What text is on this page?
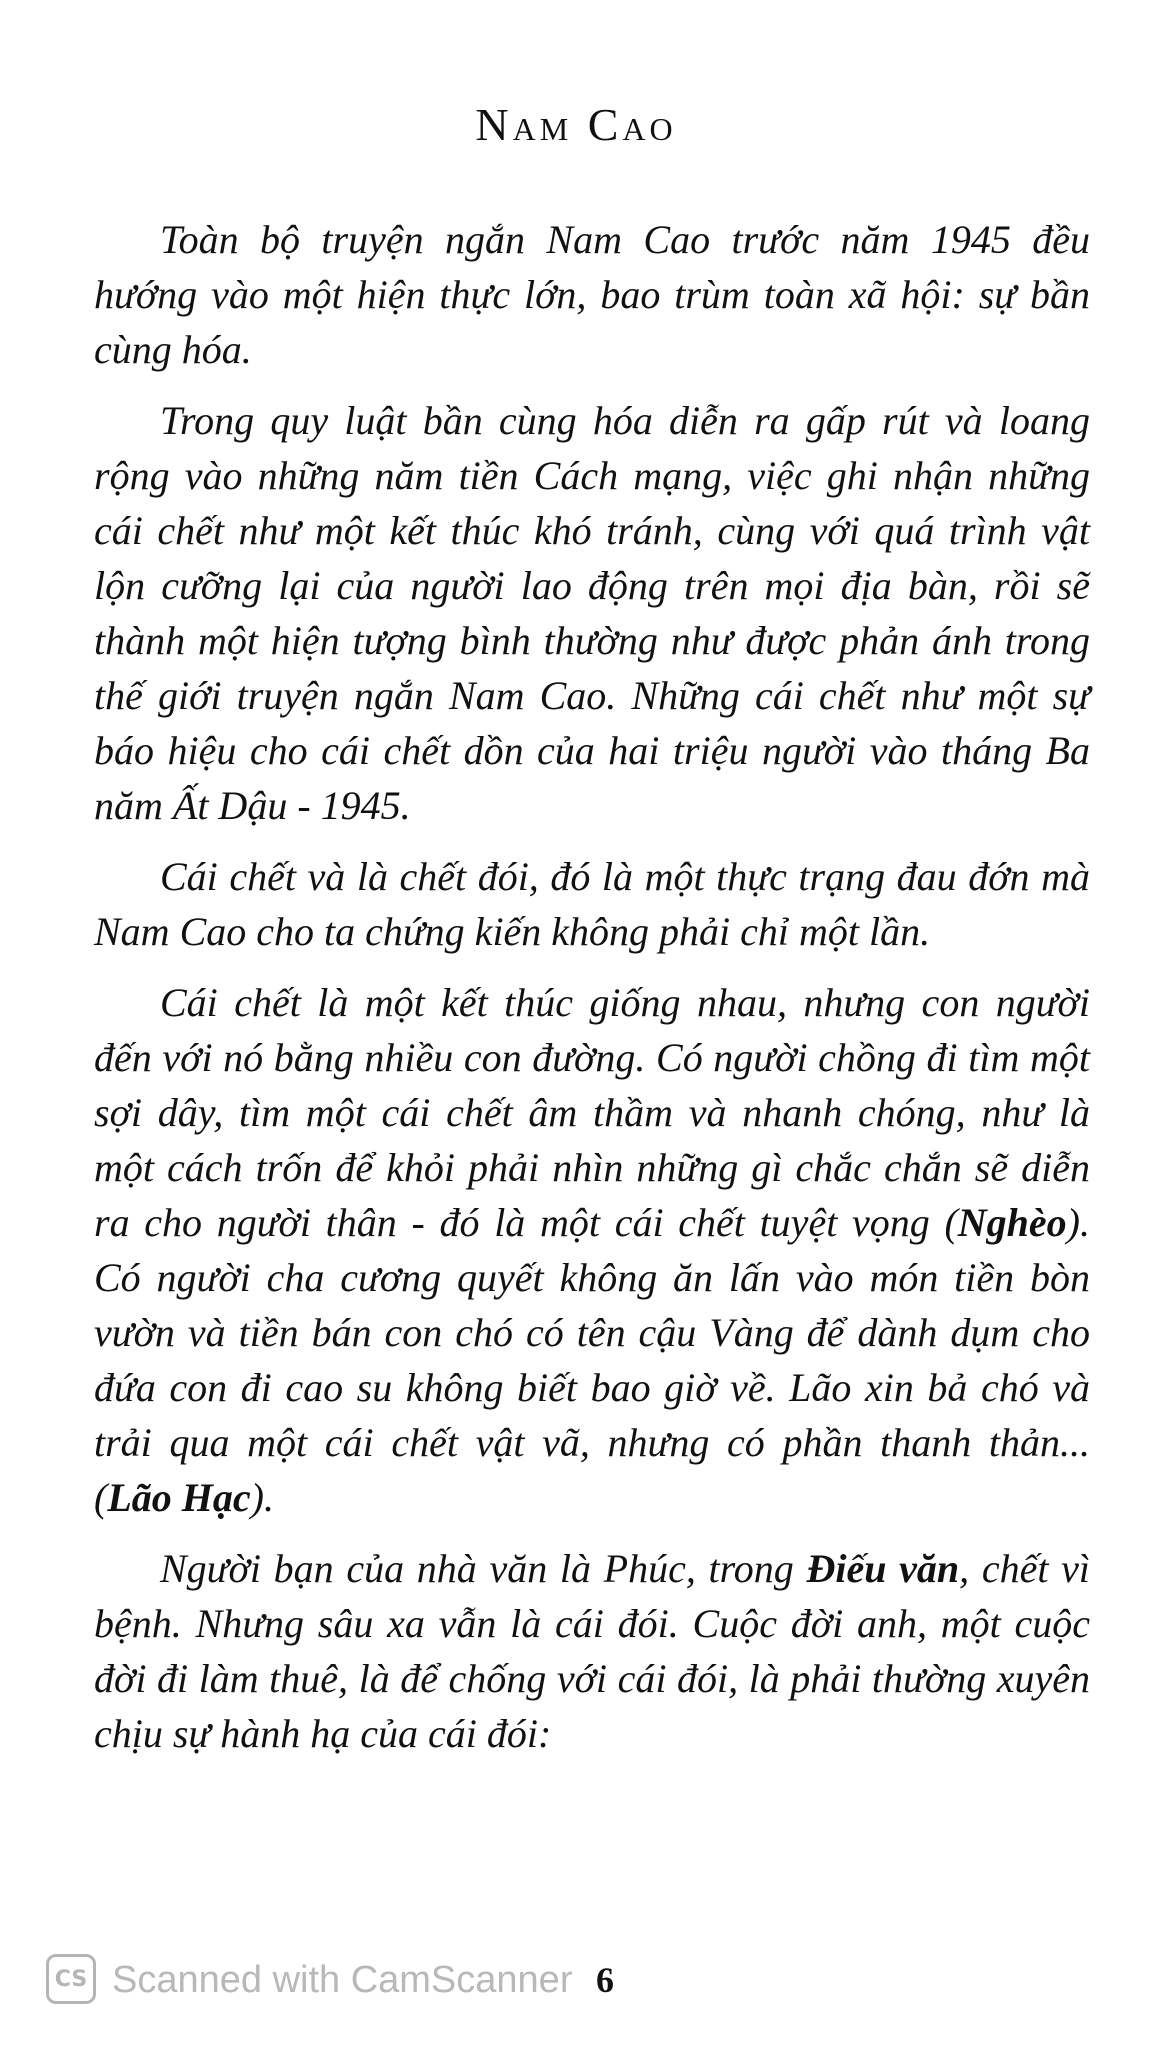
Nam Cao

Toàn bộ truyện ngắn Nam Cao trước năm 1945 đều hướng vào một hiện thực lớn, bao trùm toàn xã hội: sự bần cùng hóa.

Trong quy luật bần cùng hóa diễn ra gấp rút và loang rộng vào những năm tiền Cách mạng, việc ghi nhận những cái chết như một kết thúc khó tránh, cùng với quá trình vật lộn cưỡng lại của người lao động trên mọi địa bàn, rồi sẽ thành một hiện tượng bình thường như được phản ánh trong thế giới truyện ngắn Nam Cao. Những cái chết như một sự báo hiệu cho cái chết dồn của hai triệu người vào tháng Ba năm Ất Dậu - 1945.

Cái chết và là chết đói, đó là một thực trạng đau đớn mà Nam Cao cho ta chứng kiến không phải chỉ một lần.

Cái chết là một kết thúc giống nhau, nhưng con người đến với nó bằng nhiều con đường. Có người chồng đi tìm một sợi dây, tìm một cái chết âm thầm và nhanh chóng, như là một cách trốn để khỏi phải nhìn những gì chắc chắn sẽ diễn ra cho người thân - đó là một cái chết tuyệt vọng (Nghèo). Có người cha cương quyết không ăn lấn vào món tiền bòn vườn và tiền bán con chó có tên cậu Vàng để dành dụm cho đứa con đi cao su không biết bao giờ về. Lão xin bả chó và trải qua một cái chết vật vã, nhưng có phần thanh thản... (Lão Hạc).

Người bạn của nhà văn là Phúc, trong Điếu văn, chết vì bệnh. Nhưng sâu xa vẫn là cái đói. Cuộc đời anh, một cuộc đời đi làm thuê, là để chống với cái đói, là phải thường xuyên chịu sự hành hạ của cái đói:

CS Scanned with CamScanner 6
